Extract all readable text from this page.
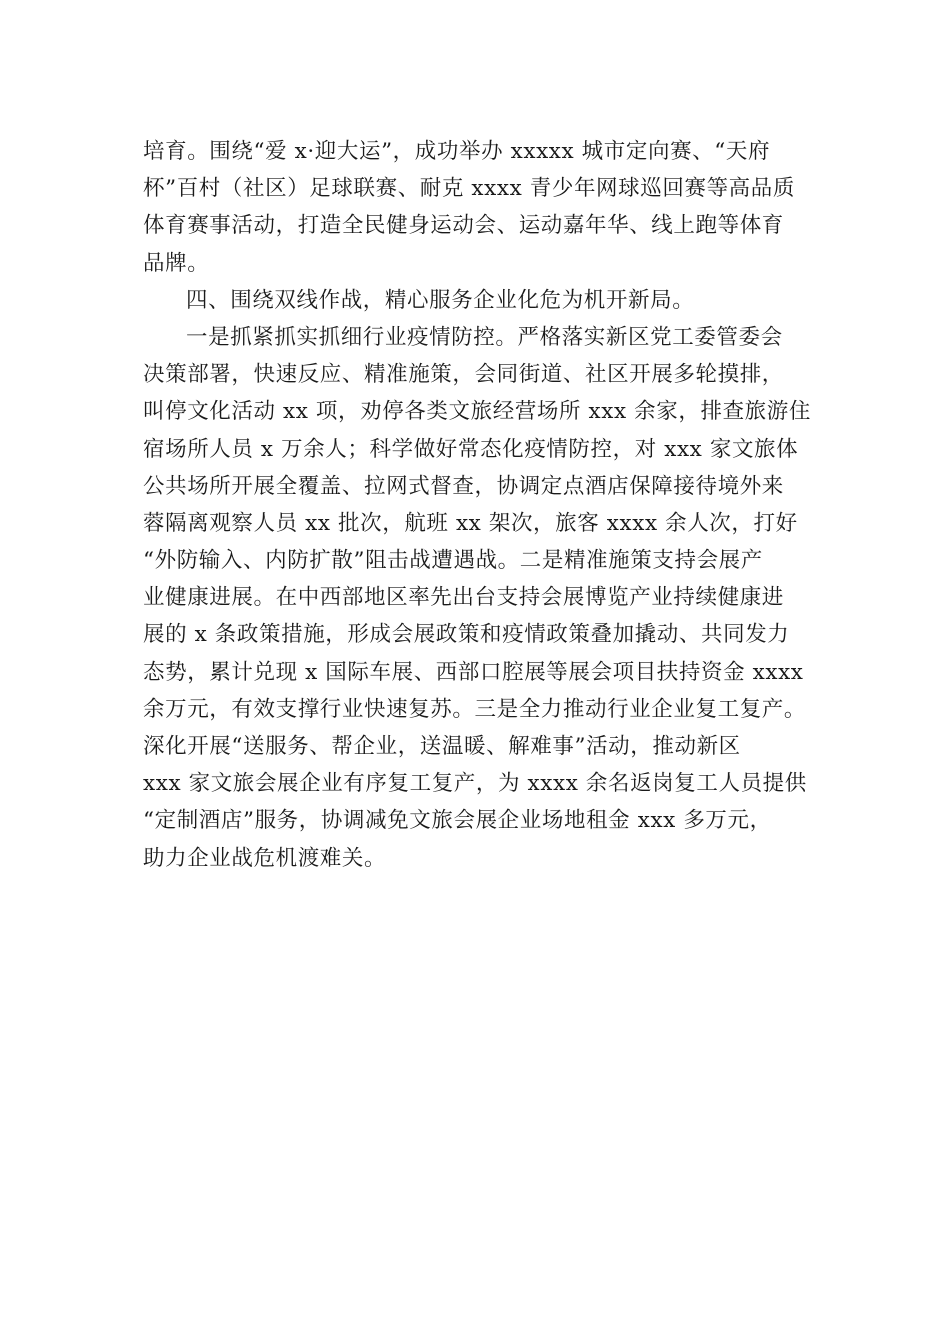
培育。围绕“爱 x·迎大运”，成功举办 xxxxx 城市定向赛、“天府
杯”百村（社区）足球联赛、耐克 xxxx 青少年网球巡回赛等高品质
体育赛事活动，打造全民健身运动会、运动嘉年华、线上跑等体育
品牌。
四、围绕双线作战，精心服务企业化危为机开新局。
一是抓紧抓实抓细行业疫情防控。严格落实新区党工委管委会
决策部署，快速反应、精准施策，会同街道、社区开展多轮摸排，
叫停文化活动 xx 项，劝停各类文旅经营场所 xxx 余家，排查旅游住
宿场所人员 x 万余人；科学做好常态化疫情防控，对 xxx 家文旅体
公共场所开展全覆盖、拉网式督查，协调定点酒店保障接待境外来
蓉隔离观察人员 xx 批次，航班 xx 架次，旅客 xxxx 余人次，打好
“外防输入、内防扩散”阻击战遭遇战。二是精准施策支持会展产
业健康进展。在中西部地区率先出台支持会展博览产业持续健康进
展的 x 条政策措施，形成会展政策和疫情政策叠加撬动、共同发力
态势，累计兑现 x 国际车展、西部口腔展等展会项目扶持资金 xxxx
余万元，有效支撑行业快速复苏。三是全力推动行业企业复工复产。
深化开展“送服务、帮企业，送温暖、解难事”活动，推动新区
xxx 家文旅会展企业有序复工复产，为 xxxx 余名返岗复工人员提供
“定制酒店”服务，协调减免文旅会展企业场地租金 xxx 多万元，
助力企业战危机渡难关。
